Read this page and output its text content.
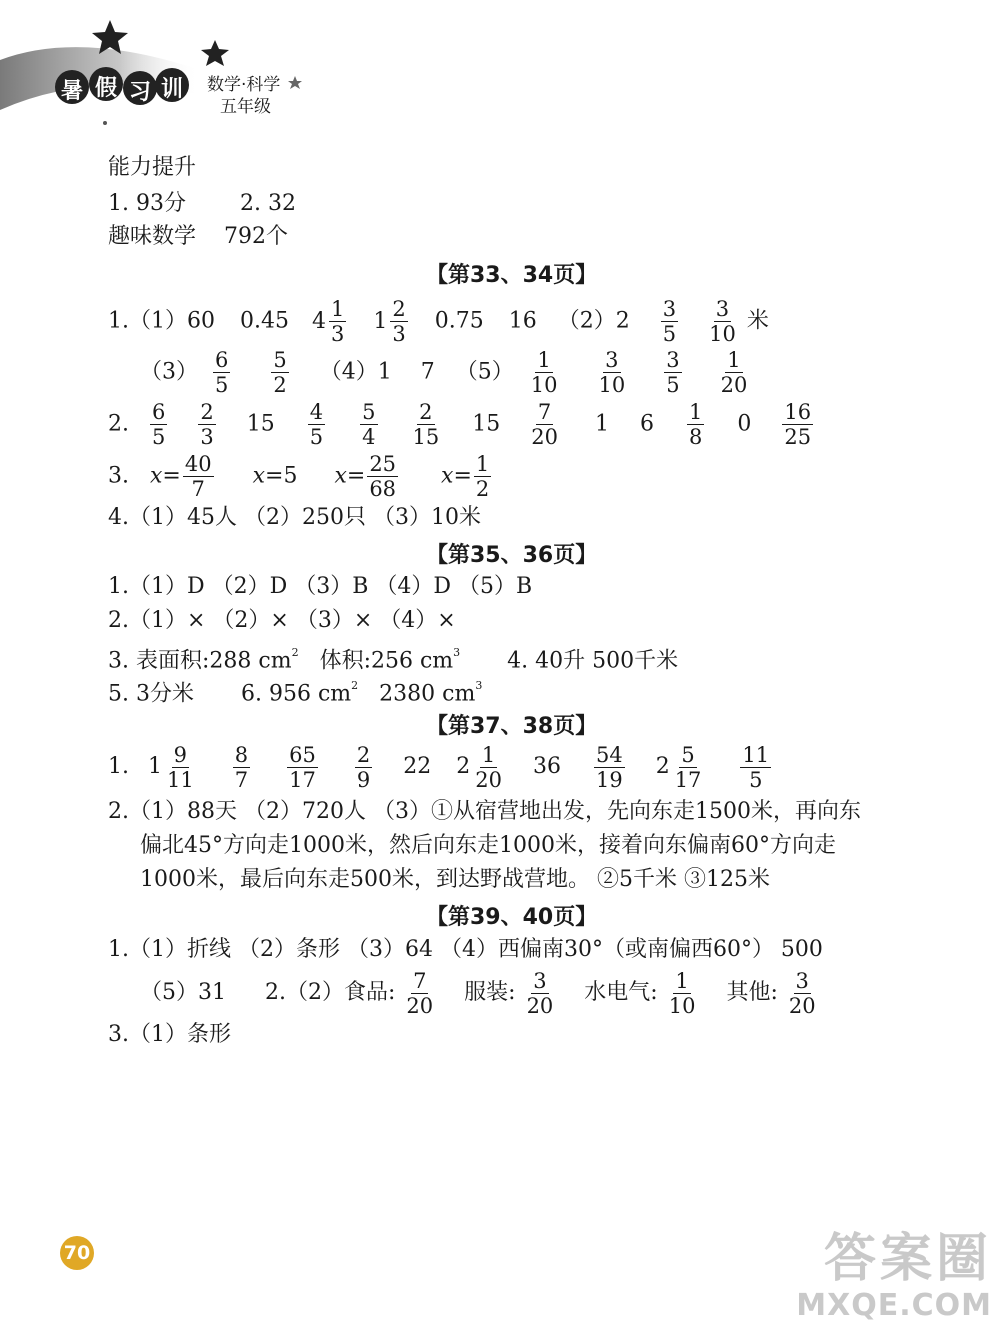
暑 假 习 训 数学·科学
五年级
能力提升
1. 93分 2. 32
趣味数学 792个
【第33、34页】
1.（1）60 0.45 $4 \frac{1}{3}$
$1 \frac{2}{3} 0.75$ 16 $(2)2 \frac{3}{5}$
$\frac{3}{10}$ 米
$(3) \frac{6}{5}$
$\frac{5}{2} (4)1$ 7 $(5) \frac{1}{10}$
$\frac{3}{10}$
$\frac{3}{5}$
$\frac{1}{20}$
2. $\frac{6}{5}$
$\frac{2}{3} 15 \frac{4}{5}$
$\frac{5}{4}$
$\frac{2}{15} 15 \frac{7}{20} 1$ $6 \frac{1}{8} 0 \frac{16}{25}$
3. $x= \frac{40}{7} x=5$ $x= \frac{25}{68} x= \frac{1}{2}$
4.（1）45人 （2）250只 （3）10米
【第35、36页】
1.（1）D （2）D （3）B （4）D （5）B
2.（1）× （2）× （3）× （4）×
3. 表面积:288 $cm^2$ 体积:256 $cm^3$ 4. 40升 500千米
5. 3分米 6. 956 $cm^2$ 2380 $cm^3$
【第37、38页】
1. $1 \frac{9}{11}$
$\frac{8}{7}$
$\frac{65}{17}$
$\frac{2}{9} 22$ $2 \frac{1}{20} 36 \frac{54}{19}$
$2 \frac{5}{17}$
$\frac{11}{5}$
2.（1）88天 （2）720人 （3）①从宿营地出发，先向东走1500米，再向东
偏北45°方向走1000米，然后向东走1000米，接着向东偏南60°方向走
1000米，最后向东走500米，到达野战营地。 ②5千米 ③125米
【第39、40页】
1.（1）折线 （2）条形 （3）64 （4）西偏南30°（或南偏西60°） 500
（5）31 2.（2）食品: $\frac{7}{20}$ 服装: $\frac{3}{20}$ 水电气: $\frac{1}{10}$ 其他: $\frac{3}{20}$
3.（1）条形
70	答案圈
MXQE.COM
